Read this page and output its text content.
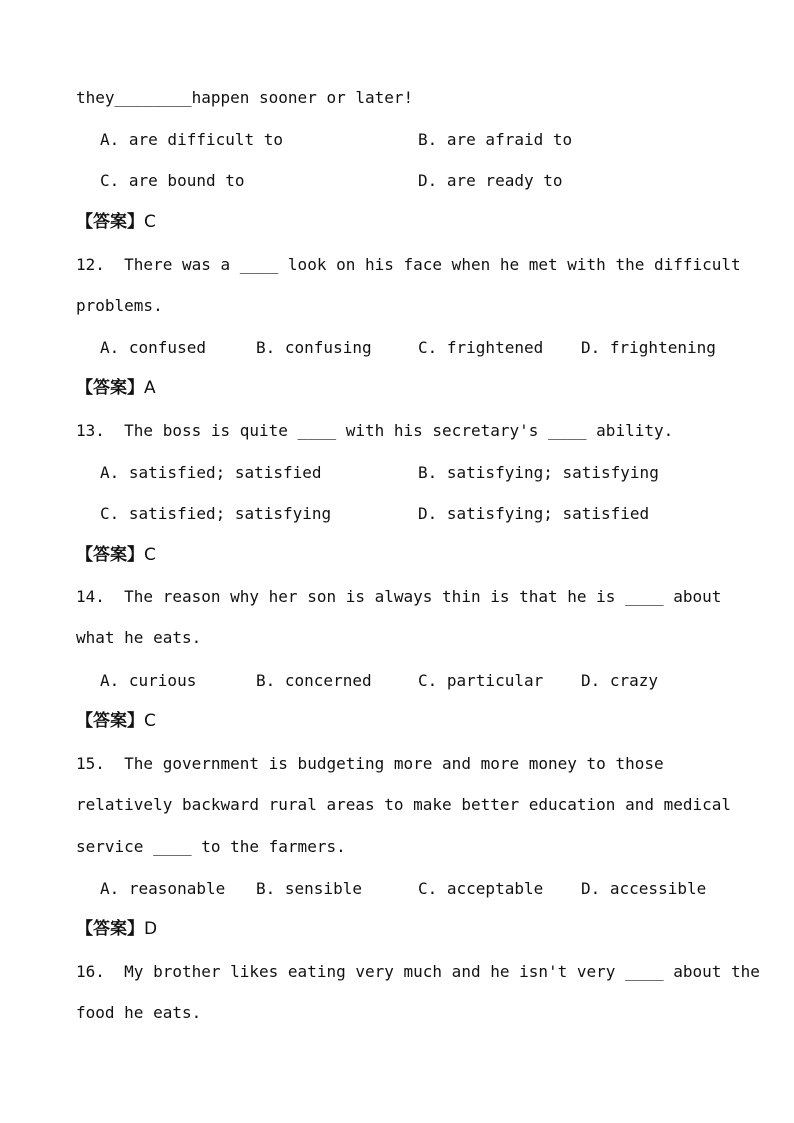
they________happen sooner or later!
A. are difficult to	B. are afraid to
C. are bound to	D. are ready to
【答案】C
12.  There was a ____ look on his face when he met with the difficult
problems.
A. confused	B. confusing	C. frightened D. frightening
【答案】A
13.  The boss is quite ____ with his secretary's ____ ability.
A. satisfied; satisfied	B. satisfying; satisfying
C. satisfied; satisfying	D. satisfying; satisfied
【答案】C
14.  The reason why her son is always thin is that he is ____ about
what he eats.
A. curious	B. concerned	C. particular D. crazy
【答案】C
15.  The government is budgeting more and more money to those
relatively backward rural areas to make better education and medical
service ____ to the farmers.
A. reasonable B. sensible	C. acceptable D. accessible
【答案】D
16.  My brother likes eating very much and he isn't very ____ about the
food he eats.
